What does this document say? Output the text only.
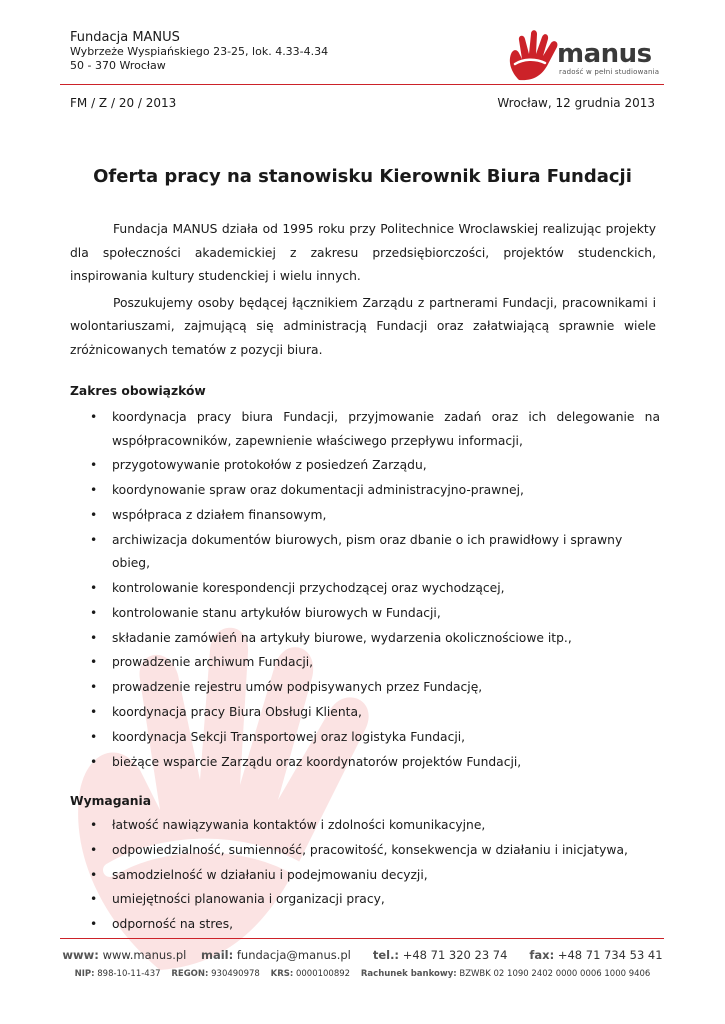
Fundacja MANUS
Wybrzeże Wyspiańskiego 23-25, lok. 4.33-4.34
50 - 370 Wrocław	manus
radość w pełni studiowania
FM / Z / 20 / 2013	Wrocław, 12 grudnia 2013
Oferta pracy na stanowisku Kierownik Biura Fundacji

Fundacja MANUS działa od 1995 roku przy Politechnice Wroclawskiej realizując projekty dla społeczności akademickiej z zakresu przedsiębiorczości, projektów studenckich, inspirowania kultury studenckiej i wielu innych.

Poszukujemy osoby będącej łącznikiem Zarządu z partnerami Fundacji, pracownikami i wolontariuszami, zajmującą się administracją Fundacji oraz załatwiającą sprawnie wiele zróżnicowanych tematów z pozycji biura.

Zakres obowiązków
• koordynacja pracy biura Fundacji, przyjmowanie zadań oraz ich delegowanie na współpracowników, zapewnienie właściwego przepływu informacji,
• przygotowywanie protokołów z posiedzeń Zarządu,
• koordynowanie spraw oraz dokumentacji administracyjno-prawnej,
• współpraca z działem finansowym,
• archiwizacja dokumentów biurowych, pism oraz dbanie o ich prawidłowy i sprawny obieg,
• kontrolowanie korespondencji przychodzącej oraz wychodzącej,
• kontrolowanie stanu artykułów biurowych w Fundacji,
• składanie zamówień na artykuły biurowe, wydarzenia okolicznościowe itp.,
• prowadzenie archiwum Fundacji,
• prowadzenie rejestru umów podpisywanych przez Fundację,
• koordynacja pracy Biura Obsługi Klienta,
• koordynacja Sekcji Transportowej oraz logistyka Fundacji,
• bieżące wsparcie Zarządu oraz koordynatorów projektów Fundacji,
Wymagania
• łatwość nawiązywania kontaktów i zdolności komunikacyjne,
• odpowiedzialność, sumienność, pracowitość, konsekwencja w działaniu i inicjatywa,
• samodzielność w działaniu i podejmowaniu decyzji,
• umiejętności planowania i organizacji pracy,
• odporność na stres,
www: www.manus.pl mail: fundacja@manus.pl tel.: +48 71 320 23 74 fax: +48 71 734 53 41
NIP: 898-10-11-437 REGON: 930490978 KRS: 0000100892 Rachunek bankowy: BZWBK 02 1090 2402 0000 0006 1000 9406
